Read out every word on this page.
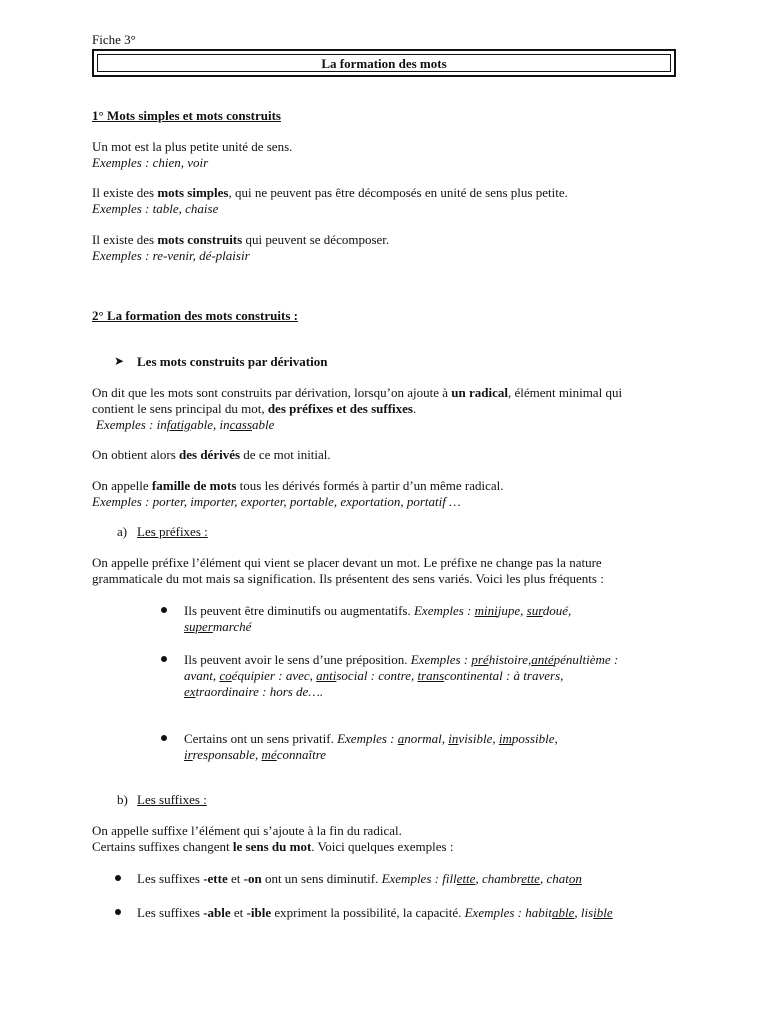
Fiche 3°

La formation des mots

1° Mots simples et mots construits

Un mot est la plus petite unité de sens.

Exemples : chien, voir

Il existe des mots simples, qui ne peuvent pas être décomposés en unité de sens plus petite.

Exemples : table, chaise

Il existe des mots construits qui peuvent se décomposer.

Exemples : re-venir, dé-plaisir

2° La formation des mots construits :

➤ Les mots construits par dérivation

On dit que les mots sont construits par dérivation, lorsqu’on ajoute à un radical, élément minimal qui

contient le sens principal du mot, des préfixes et des suffixes.

Exemples : infatigable, incassable

On obtient alors des dérivés de ce mot initial.

On appelle famille de mots tous les dérivés formés à partir d’un même radical.

Exemples : porter, importer, exporter, portable, exportation, portatif …

a) Les préfixes :

On appelle préfixe l’élément qui vient se placer devant un mot. Le préfixe ne change pas la nature

grammaticale du mot mais sa signification. Ils présentent des sens variés. Voici les plus fréquents :

Ils peuvent être diminutifs ou augmentatifs. Exemples : minijupe, surdoué,

supermarché

Ils peuvent avoir le sens d’une préposition. Exemples : préhistoire,antépénultième :

avant, coéquipier : avec, antisocial : contre, transcontinental : à travers,

extraordinaire : hors de….

Certains ont un sens privatif. Exemples : anormal, invisible, impossible,

irresponsable, méconnaître

b) Les suffixes :

On appelle suffixe l’élément qui s’ajoute à la fin du radical.

Certains suffixes changent le sens du mot. Voici quelques exemples :

Les suffixes -ette et -on ont un sens diminutif. Exemples : fillette, chambrette, chaton

Les suffixes -able et -ible expriment la possibilité, la capacité. Exemples : habitable, lisible
